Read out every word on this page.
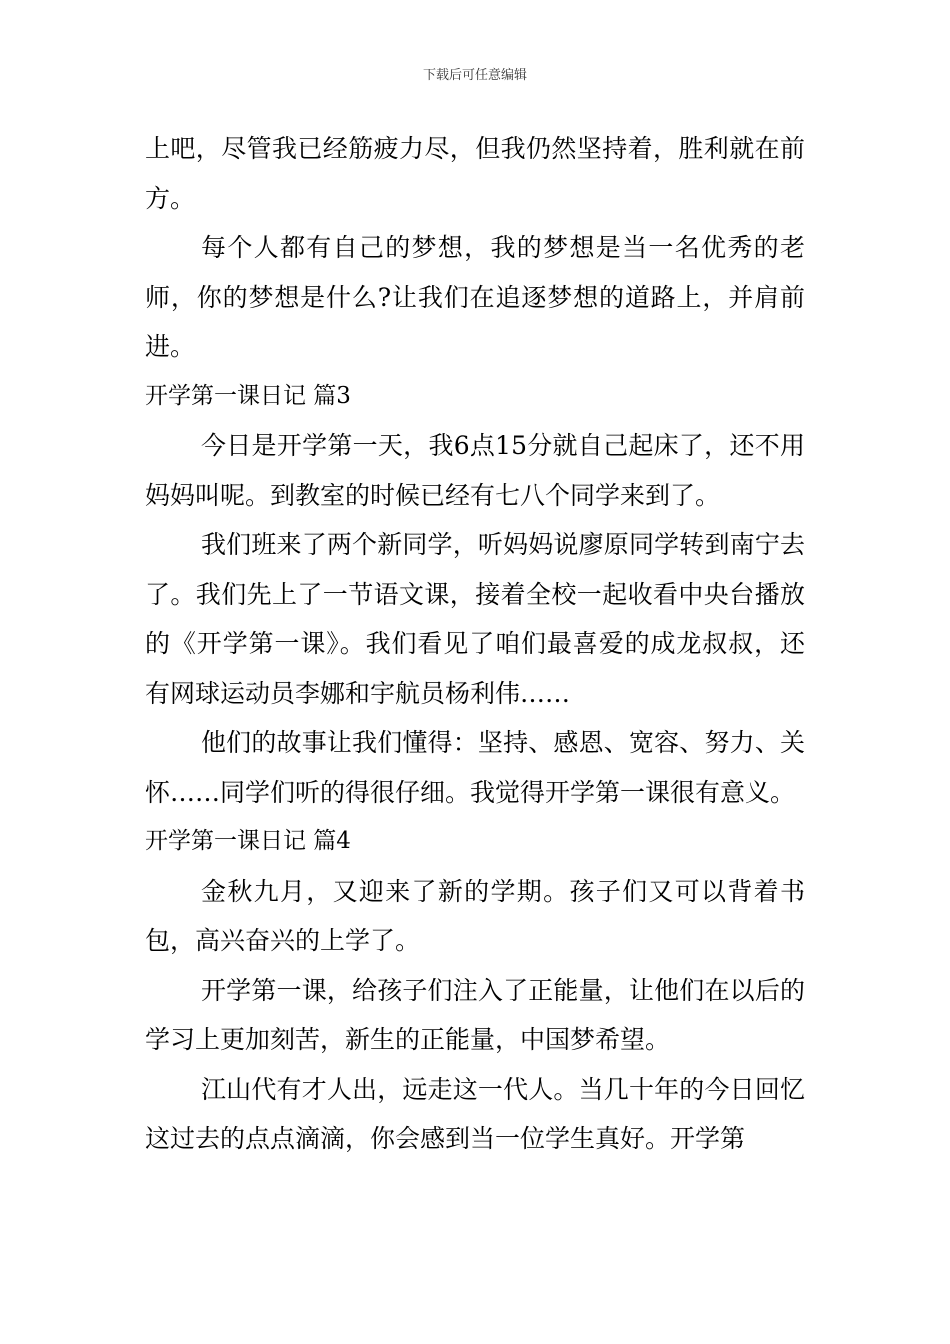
下载后可任意编辑

上吧，尽管我已经筋疲力尽，但我仍然坚持着，胜利就在前方。

每个人都有自己的梦想，我的梦想是当一名优秀的老师，你的梦想是什么?让我们在追逐梦想的道路上，并肩前进。

开学第一课日记 篇3

今日是开学第一天，我6点15分就自己起床了，还不用妈妈叫呢。到教室的时候已经有七八个同学来到了。

我们班来了两个新同学，听妈妈说廖原同学转到南宁去了。我们先上了一节语文课，接着全校一起收看中央台播放的《开学第一课》。我们看见了咱们最喜爱的成龙叔叔，还有网球运动员李娜和宇航员杨利伟……

他们的故事让我们懂得：坚持、感恩、宽容、努力、关怀……同学们听的得很仔细。我觉得开学第一课很有意义。

开学第一课日记 篇4

金秋九月，又迎来了新的学期。孩子们又可以背着书包，高兴奋兴的上学了。

开学第一课，给孩子们注入了正能量，让他们在以后的学习上更加刻苦，新生的正能量，中国梦希望。

江山代有才人出，远走这一代人。当几十年的今日回忆这过去的点点滴滴，你会感到当一位学生真好。开学第
